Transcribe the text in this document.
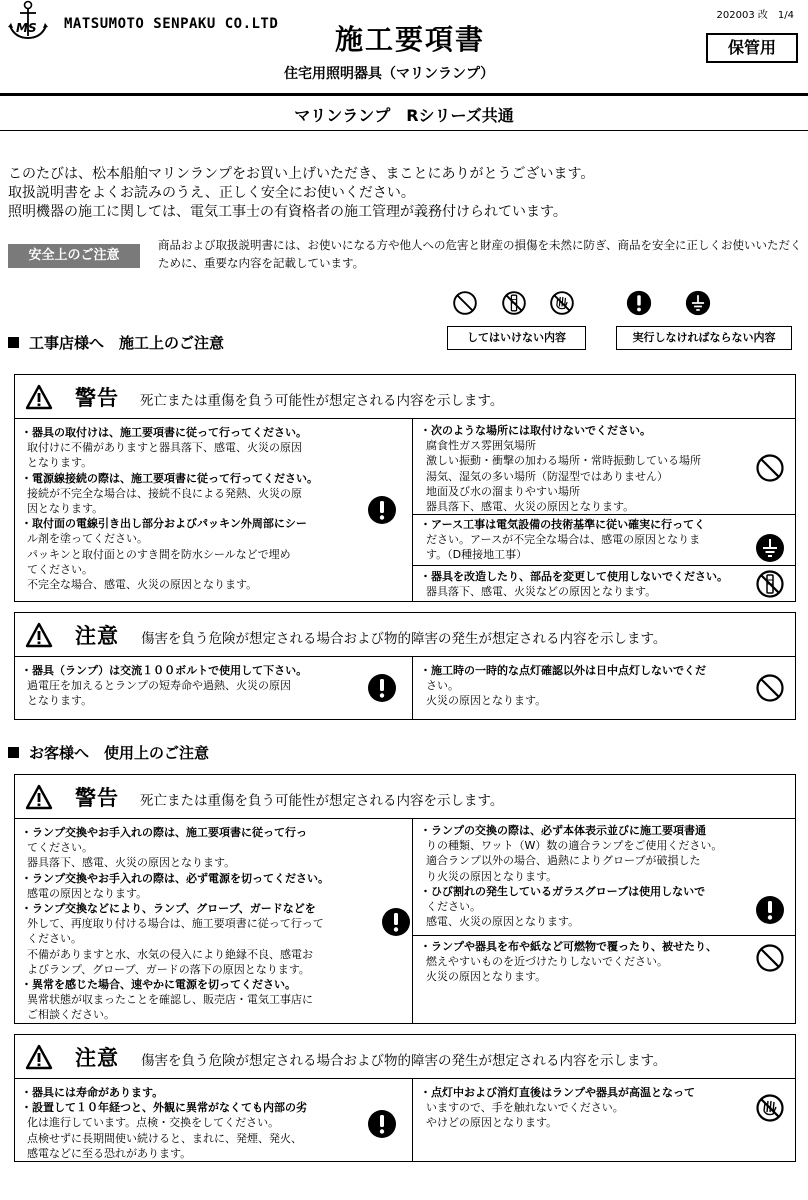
MS MATSUMOTO SENPAKU CO.LTD 施工要項書
202003 改　1/4
保管用
住宅用照明器具（マリンランプ）
マリンランプ　Rシリーズ共通
このたびは、松本船舶マリンランプをお買い上げいただき、まことにありがとうございます。
取扱説明書をよくお読みのうえ、正しく安全にお使いください。
照明機器の施工に関しては、電気工事士の有資格者の施工管理が義務付けられています。
安全上のご注意
商品および取扱説明書には、お使いになる方や他人への危害と財産の損傷を未然に防ぎ、商品を安全に正しくお使いいただくために、重要な内容を記載しています。
してはいけない内容	実行しなければならない内容
工事店様へ　施工上のご注意
警告 死亡または重傷を負う可能性が想定される内容を示します。
・器具の取付けは、施工要項書に従って行ってください。
取付けに不備がありますと器具落下、感電、火災の原因
となります。
・電源線接続の際は、施工要項書に従って行ってください。
接続が不完全な場合は、接続不良による発熱、火災の原
因となります。
・取付面の電線引き出し部分およびパッキン外周部にシー
ル剤を塗ってください。
パッキンと取付面とのすき間を防水シールなどで埋め
てください。
不完全な場合、感電、火災の原因となります。
・次のような場所には取付けないでください。
腐食性ガス雰囲気場所
激しい振動・衝撃の加わる場所・常時振動している場所
湯気、湿気の多い場所（防湿型ではありません）
地面及び水の溜まりやすい場所
器具落下、感電、火災の原因となります。
・アース工事は電気設備の技術基準に従い確実に行ってく
ださい。アースが不完全な場合は、感電の原因となりま
す。（D種接地工事）
・器具を改造したり、部品を変更して使用しないでください。
器具落下、感電、火災などの原因となります。
注意 傷害を負う危険が想定される場合および物的障害の発生が想定される内容を示します。
・器具（ランプ）は交流１００ボルトで使用して下さい。
過電圧を加えるとランプの短寿命や過熱、火災の原因
となります。
・施工時の一時的な点灯確認以外は日中点灯しないでくだ
さい。
火災の原因となります。
お客様へ　使用上のご注意
警告 死亡または重傷を負う可能性が想定される内容を示します。
・ランプ交換やお手入れの際は、施工要項書に従って行っ
てください。
器具落下、感電、火災の原因となります。
・ランプ交換やお手入れの際は、必ず電源を切ってください。
感電の原因となります。
・ランプ交換などにより、ランプ、グローブ、ガードなどを
外して、再度取り付ける場合は、施工要項書に従って行って
ください。
不備がありますと水、水気の侵入により絶縁不良、感電お
よびランプ、グローブ、ガードの落下の原因となります。
・異常を感じた場合、速やかに電源を切ってください。
異常状態が収まったことを確認し、販売店・電気工事店に
ご相談ください。
・ランプの交換の際は、必ず本体表示並びに施工要項書通
りの種類、ワット（W）数の適合ランプをご使用ください。
適合ランプ以外の場合、過熱によりグローブが破損した
り火災の原因となります。
・ひび割れの発生しているガラスグローブは使用しないで
ください。
感電、火災の原因となります。
・ランプや器具を布や紙など可燃物で覆ったり、被せたり、
燃えやすいものを近づけたりしないでください。
火災の原因となります。
注意 傷害を負う危険が想定される場合および物的障害の発生が想定される内容を示します。
・器具には寿命があります。
・設置して１０年経つと、外観に異常がなくても内部の劣
化は進行しています。点検・交換をしてください。
点検せずに長期間使い続けると、まれに、発煙、発火、
感電などに至る恐れがあります。
・点灯中および消灯直後はランプや器具が高温となって
いますので、手を触れないでください。
やけどの原因となります。
